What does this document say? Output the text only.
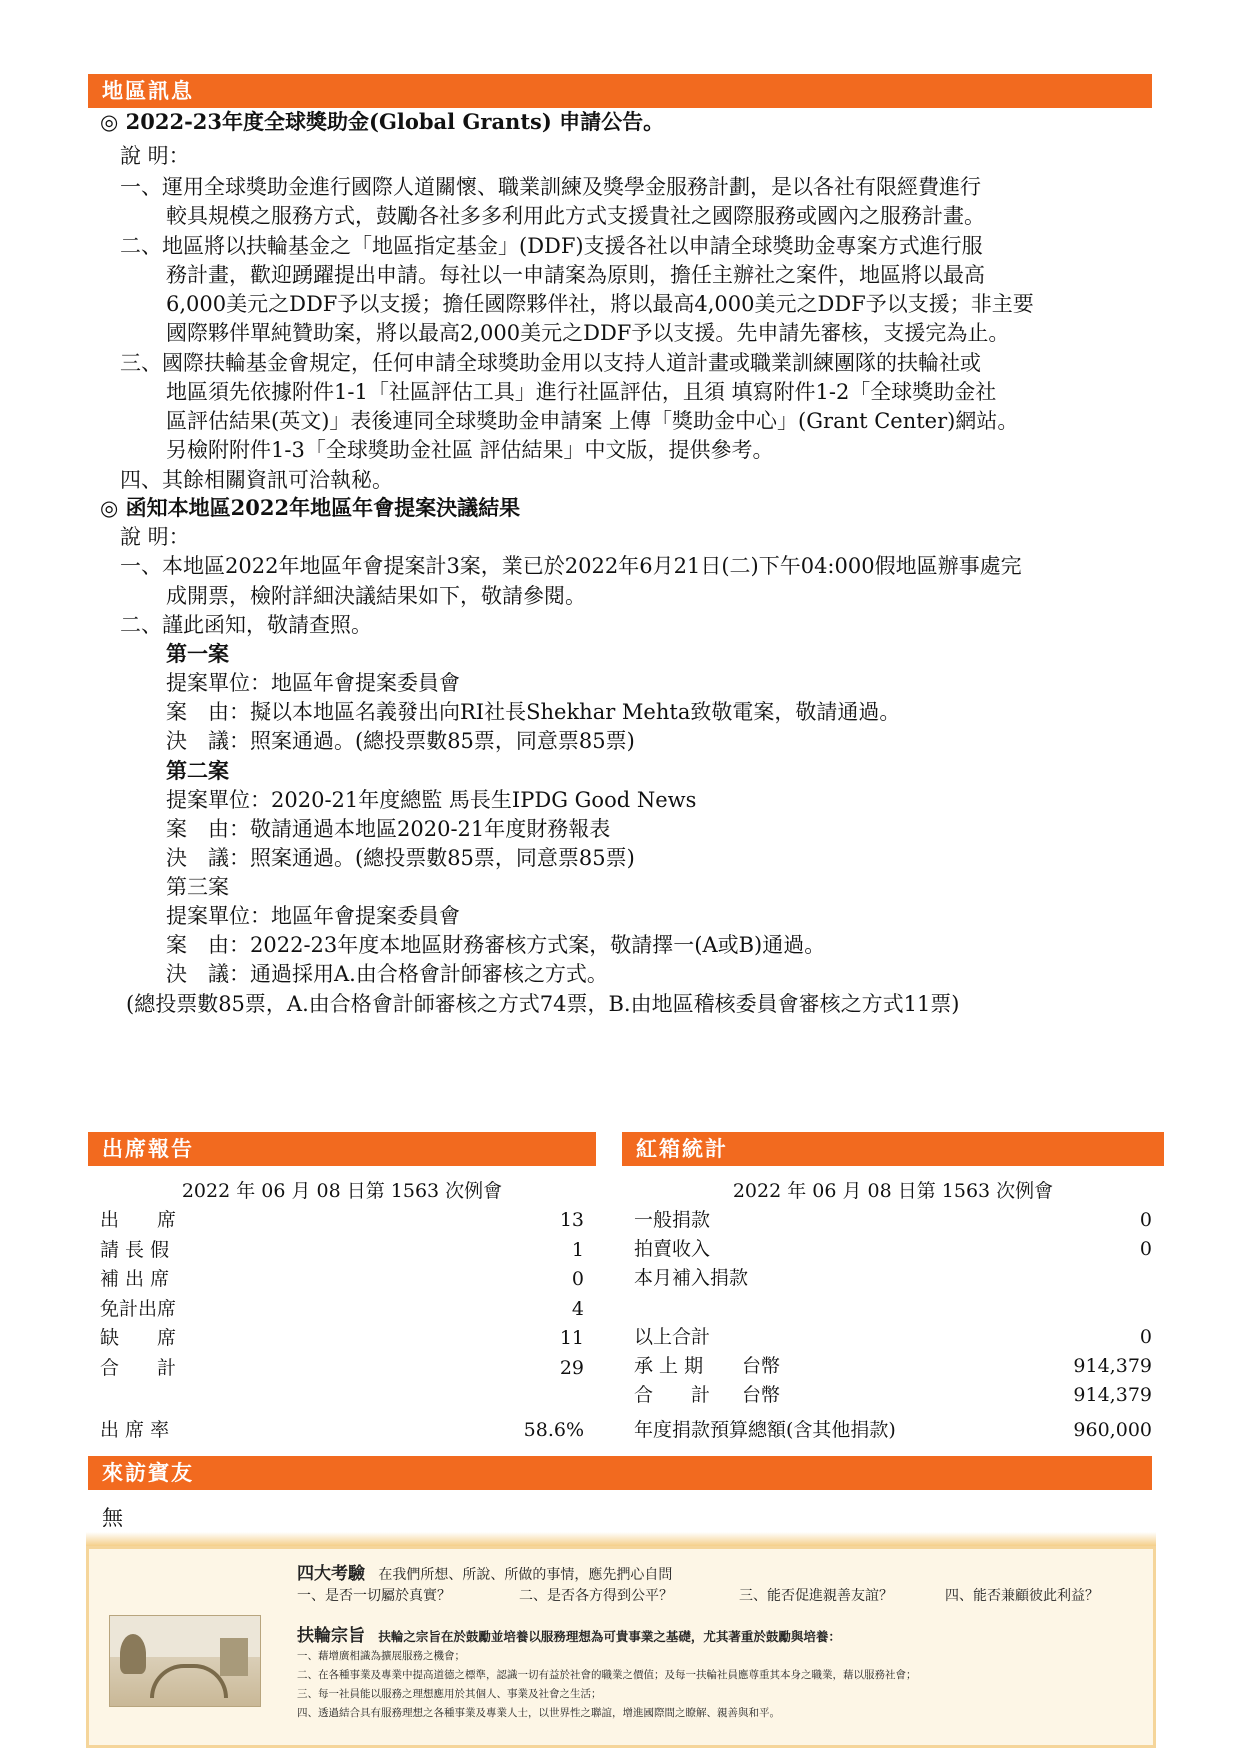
地區訊息
◎ 2022-23年度全球獎助金(Global Grants) 申請公告。
說 明：
一、運用全球獎助金進行國際人道關懷、職業訓練及獎學金服務計劃，是以各社有限經費進行
較具規模之服務方式，鼓勵各社多多利用此方式支援貴社之國際服務或國內之服務計畫。
二、地區將以扶輪基金之「地區指定基金」(DDF)支援各社以申請全球獎助金專案方式進行服
務計畫，歡迎踴躍提出申請。每社以一申請案為原則，擔任主辦社之案件，地區將以最高
6,000美元之DDF予以支援；擔任國際夥伴社，將以最高4,000美元之DDF予以支援；非主要
國際夥伴單純贊助案，將以最高2,000美元之DDF予以支援。先申請先審核，支援完為止。
三、國際扶輪基金會規定，任何申請全球獎助金用以支持人道計畫或職業訓練團隊的扶輪社或
地區須先依據附件1-1「社區評估工具」進行社區評估，且須 填寫附件1-2「全球獎助金社
區評估結果(英文)」表後連同全球獎助金申請案 上傳「獎助金中心」(Grant Center)網站。
另檢附附件1-3「全球獎助金社區 評估結果」中文版，提供參考。
四、其餘相關資訊可洽執秘。
◎ 函知本地區2022年地區年會提案決議結果
說 明：
一、本地區2022年地區年會提案計3案，業已於2022年6月21日(二)下午04:000假地區辦事處完
成開票，檢附詳細決議結果如下，敬請參閱。
二、謹此函知，敬請查照。
第一案
提案單位：地區年會提案委員會
案　由：擬以本地區名義發出向RI社長Shekhar Mehta致敬電案，敬請通過。
決　議：照案通過。(總投票數85票，同意票85票)
第二案
提案單位：2020-21年度總監 馬長生IPDG Good News
案　由：敬請通過本地區2020-21年度財務報表
決　議：照案通過。(總投票數85票，同意票85票)
第三案
提案單位：地區年會提案委員會
案　由：2022-23年度本地區財務審核方式案，敬請擇一(A或B)通過。
決　議：通過採用A.由合格會計師審核之方式。
(總投票數85票，A.由合格會計師審核之方式74票，B.由地區稽核委員會審核之方式11票)
出席報告	紅箱統計
2022 年 06 月 08 日第 1563 次例會
出　　席	13
請 長 假	1
補 出 席	0
免計出席	4
缺　　席	11
合　　計	29
出 席 率	58.6%
2022 年 06 月 08 日第 1563 次例會
一般捐款	0
拍賣收入	0
本月補入捐款
以上合計	0
承 上 期 台幣	914,379
合　　計 台幣	914,379
年度捐款預算總額(含其他捐款)	960,000
來訪賓友
無
四大考驗 在我們所想、所說、所做的事情，應先捫心自問
一、是否一切屬於真實？	二、是否各方得到公平？	三、能否促進親善友誼？	四、能否兼顧彼此利益？
扶輪宗旨 扶輪之宗旨在於鼓勵並培養以服務理想為可貴事業之基礎，尤其著重於鼓勵與培養：
一、藉增廣相識為擴展服務之機會；
二、在各種事業及專業中提高道德之標準，認識一切有益於社會的職業之價值；及每一扶輪社員應尊重其本身之職業，藉以服務社會；
三、每一社員能以服務之理想應用於其個人、事業及社會之生活；
四、透過結合具有服務理想之各種事業及專業人士，以世界性之聯誼，增進國際間之瞭解、親善與和平。
